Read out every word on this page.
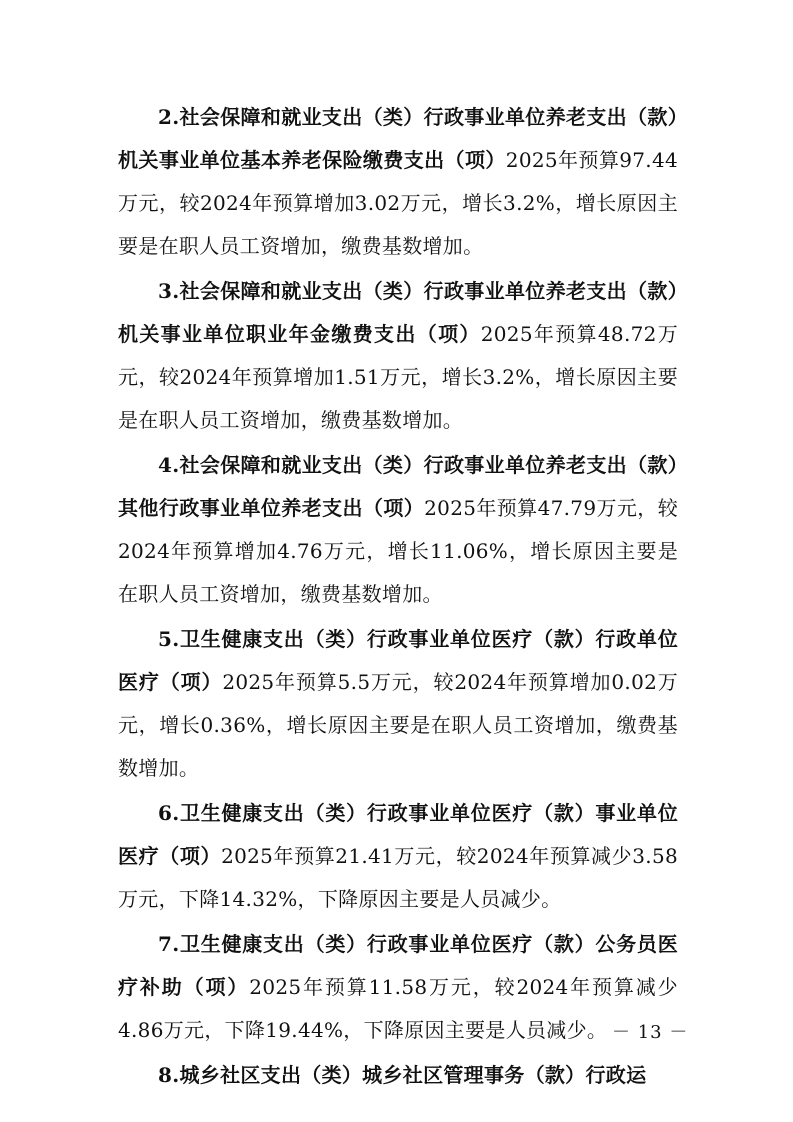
2.社会保障和就业支出（类）行政事业单位养老支出（款）机关事业单位基本养老保险缴费支出（项）2025年预算97.44万元，较2024年预算增加3.02万元，增长3.2%，增长原因主要是在职人员工资增加，缴费基数增加。

3.社会保障和就业支出（类）行政事业单位养老支出（款）机关事业单位职业年金缴费支出（项）2025年预算48.72万元，较2024年预算增加1.51万元，增长3.2%，增长原因主要是在职人员工资增加，缴费基数增加。

4.社会保障和就业支出（类）行政事业单位养老支出（款）其他行政事业单位养老支出（项）2025年预算47.79万元，较2024年预算增加4.76万元，增长11.06%，增长原因主要是在职人员工资增加，缴费基数增加。

5.卫生健康支出（类）行政事业单位医疗（款）行政单位医疗（项）2025年预算5.5万元，较2024年预算增加0.02万元，增长0.36%，增长原因主要是在职人员工资增加，缴费基数增加。

6.卫生健康支出（类）行政事业单位医疗（款）事业单位医疗（项）2025年预算21.41万元，较2024年预算减少3.58万元，下降14.32%，下降原因主要是人员减少。

7.卫生健康支出（类）行政事业单位医疗（款）公务员医疗补助（项）2025年预算11.58万元，较2024年预算减少4.86万元，下降19.44%，下降原因主要是人员减少。

8.城乡社区支出（类）城乡社区管理事务（款）行政运

－ 13 －
